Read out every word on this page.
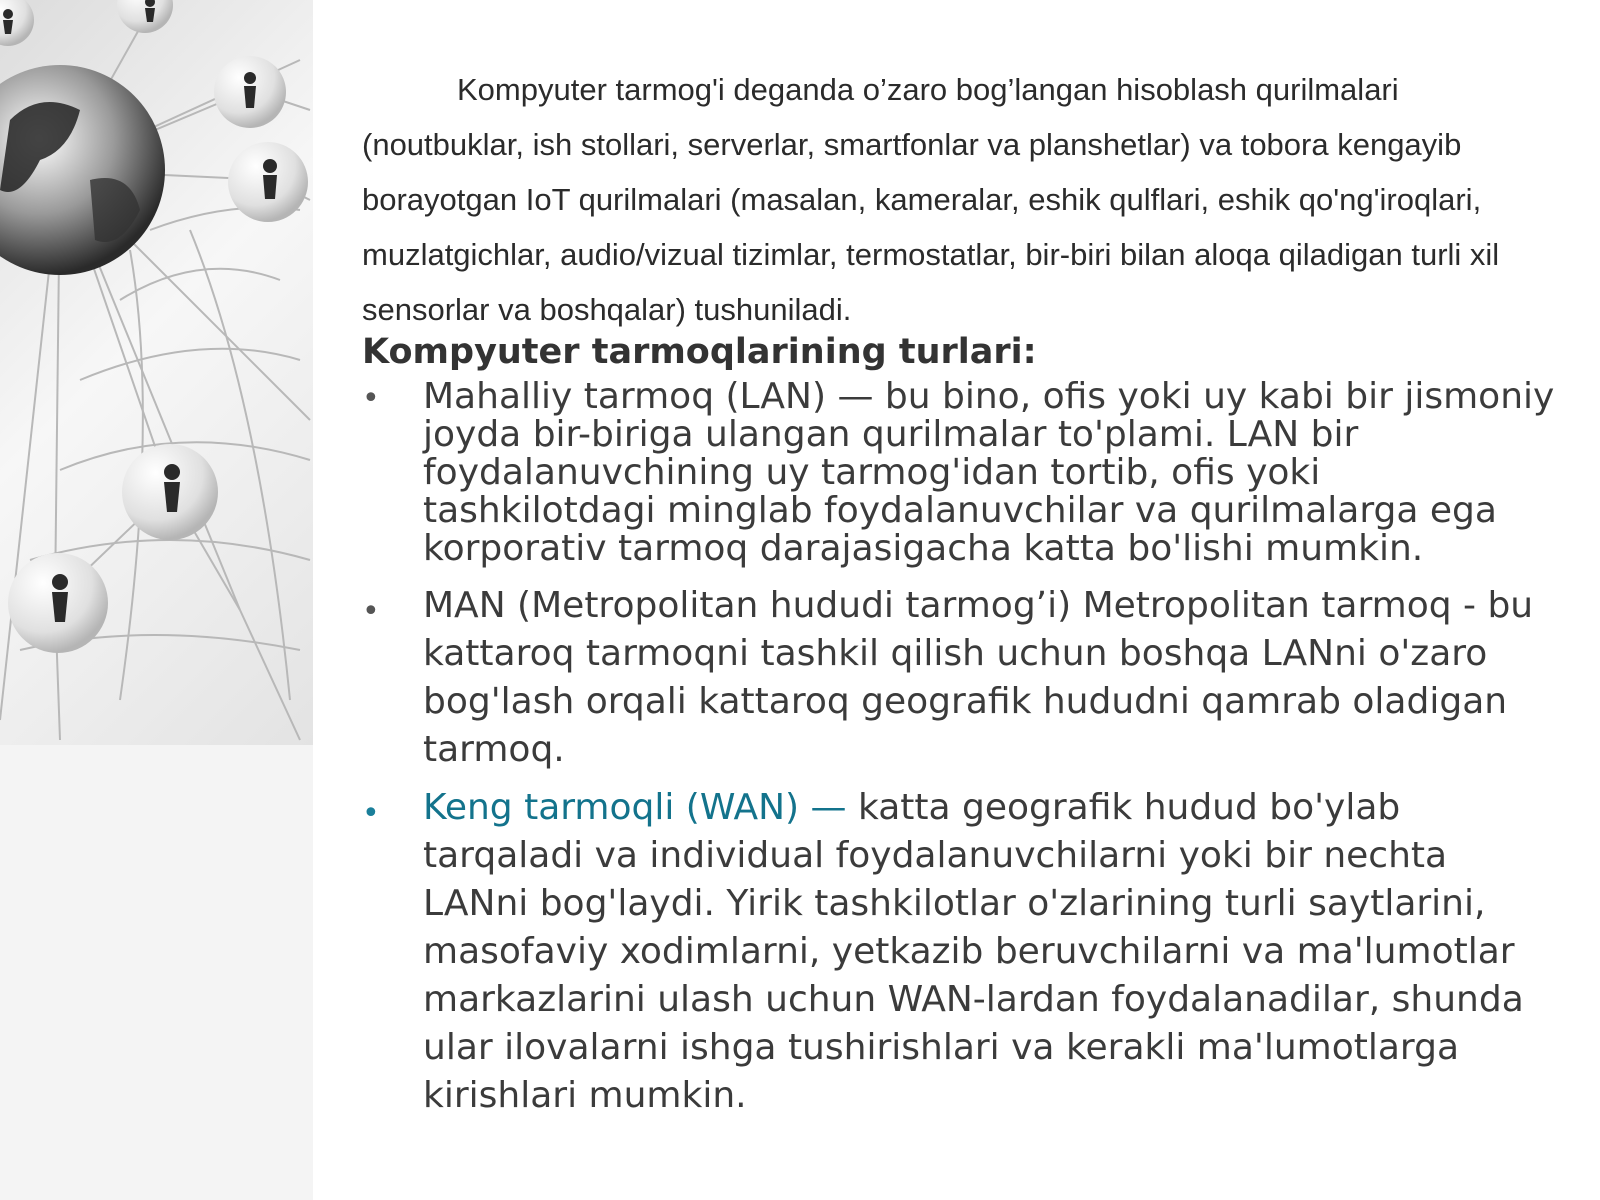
Kompyuter tarmog'i deganda o’zaro bog’langan hisoblash qurilmalari (noutbuklar, ish stollari, serverlar, smartfonlar va planshetlar) va tobora kengayib borayotgan IoT qurilmalari (masalan, kameralar, eshik qulflari, eshik qo'ng'iroqlari, muzlatgichlar, audio/vizual tizimlar, termostatlar, bir-biri bilan aloqa qiladigan turli xil sensorlar va boshqalar) tushuniladi.

Kompyuter tarmoqlarining turlari:
• Mahalliy tarmoq (LAN) — bu bino, ofis yoki uy kabi bir jismoniy joyda bir-biriga ulangan qurilmalar to'plami. LAN bir foydalanuvchining uy tarmog'idan tortib, ofis yoki tashkilotdagi minglab foydalanuvchilar va qurilmalarga ega korporativ tarmoq darajasigacha katta bo'lishi mumkin.

• MAN (Metropolitan hududi tarmog’i) Metropolitan tarmoq - bu kattaroq tarmoqni tashkil qilish uchun boshqa LANni o'zaro bog'lash orqali kattaroq geografik hududni qamrab oladigan tarmoq.

• Keng tarmoqli (WAN) — katta geografik hudud bo'ylab tarqaladi va individual foydalanuvchilarni yoki bir nechta LANni bog'laydi. Yirik tashkilotlar o'zlarining turli saytlarini, masofaviy xodimlarni, yetkazib beruvchilarni va ma'lumotlar markazlarini ulash uchun WAN-lardan foydalanadilar, shunda ular ilovalarni ishga tushirishlari va kerakli ma'lumotlarga kirishlari mumkin.
